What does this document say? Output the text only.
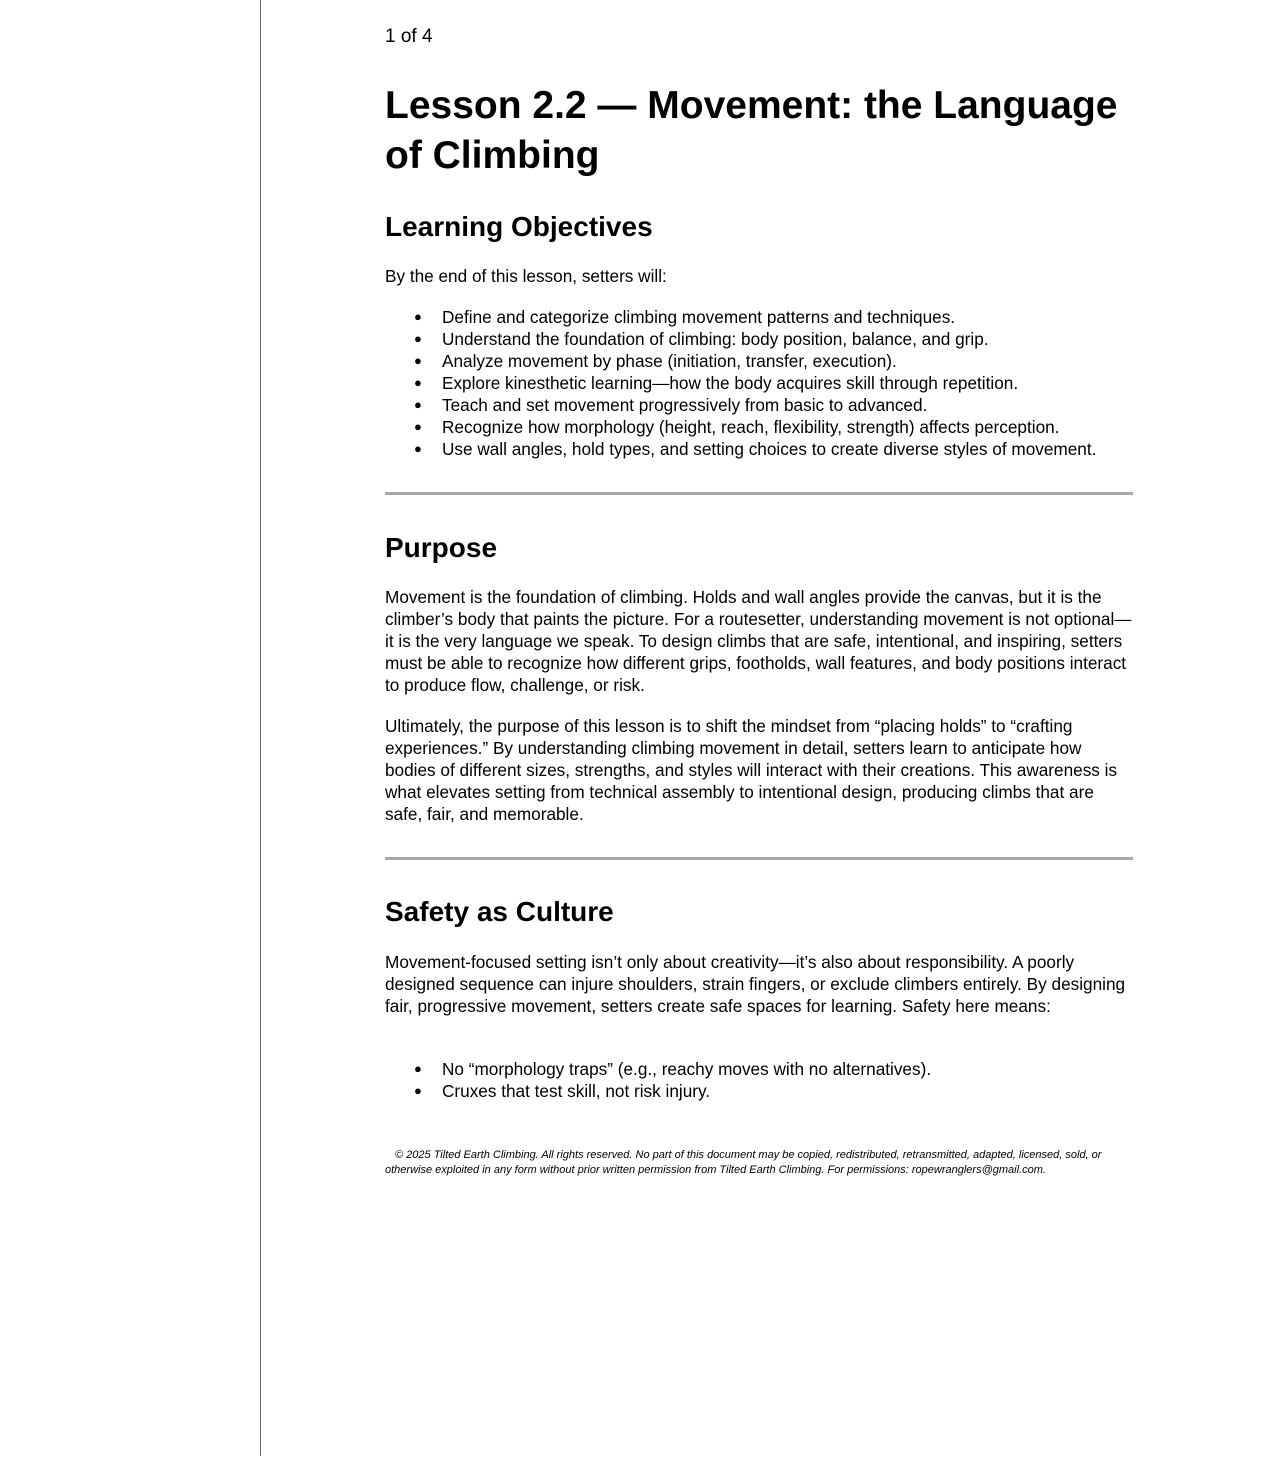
1 of 4
Lesson 2.2 — Movement: the Language of Climbing
Learning Objectives

By the end of this lesson, setters will:

● Define and categorize climbing movement patterns and techniques.
● Understand the foundation of climbing: body position, balance, and grip.
● Analyze movement by phase (initiation, transfer, execution).
● Explore kinesthetic learning—how the body acquires skill through repetition.
● Teach and set movement progressively from basic to advanced.
● Recognize how morphology (height, reach, flexibility, strength) affects perception.
● Use wall angles, hold types, and setting choices to create diverse styles of movement.
Purpose

Movement is the foundation of climbing. Holds and wall angles provide the canvas, but it is the climber’s body that paints the picture. For a routesetter, understanding movement is not optional—it is the very language we speak. To design climbs that are safe, intentional, and inspiring, setters must be able to recognize how different grips, footholds, wall features, and body positions interact to produce flow, challenge, or risk.

Ultimately, the purpose of this lesson is to shift the mindset from “placing holds” to “crafting experiences.” By understanding climbing movement in detail, setters learn to anticipate how bodies of different sizes, strengths, and styles will interact with their creations. This awareness is what elevates setting from technical assembly to intentional design, producing climbs that are safe, fair, and memorable.

Safety as Culture

Movement-focused setting isn’t only about creativity—it’s also about responsibility. A poorly designed sequence can injure shoulders, strain fingers, or exclude climbers entirely. By designing fair, progressive movement, setters create safe spaces for learning. Safety here means:

● No “morphology traps” (e.g., reachy moves with no alternatives).
● Cruxes that test skill, not risk injury.

© 2025 Tilted Earth Climbing. All rights reserved. No part of this document may be copied, redistributed, retransmitted, adapted, licensed, sold, or otherwise exploited in any form without prior written permission from Tilted Earth Climbing. For permissions: ropewranglers@gmail.com.
